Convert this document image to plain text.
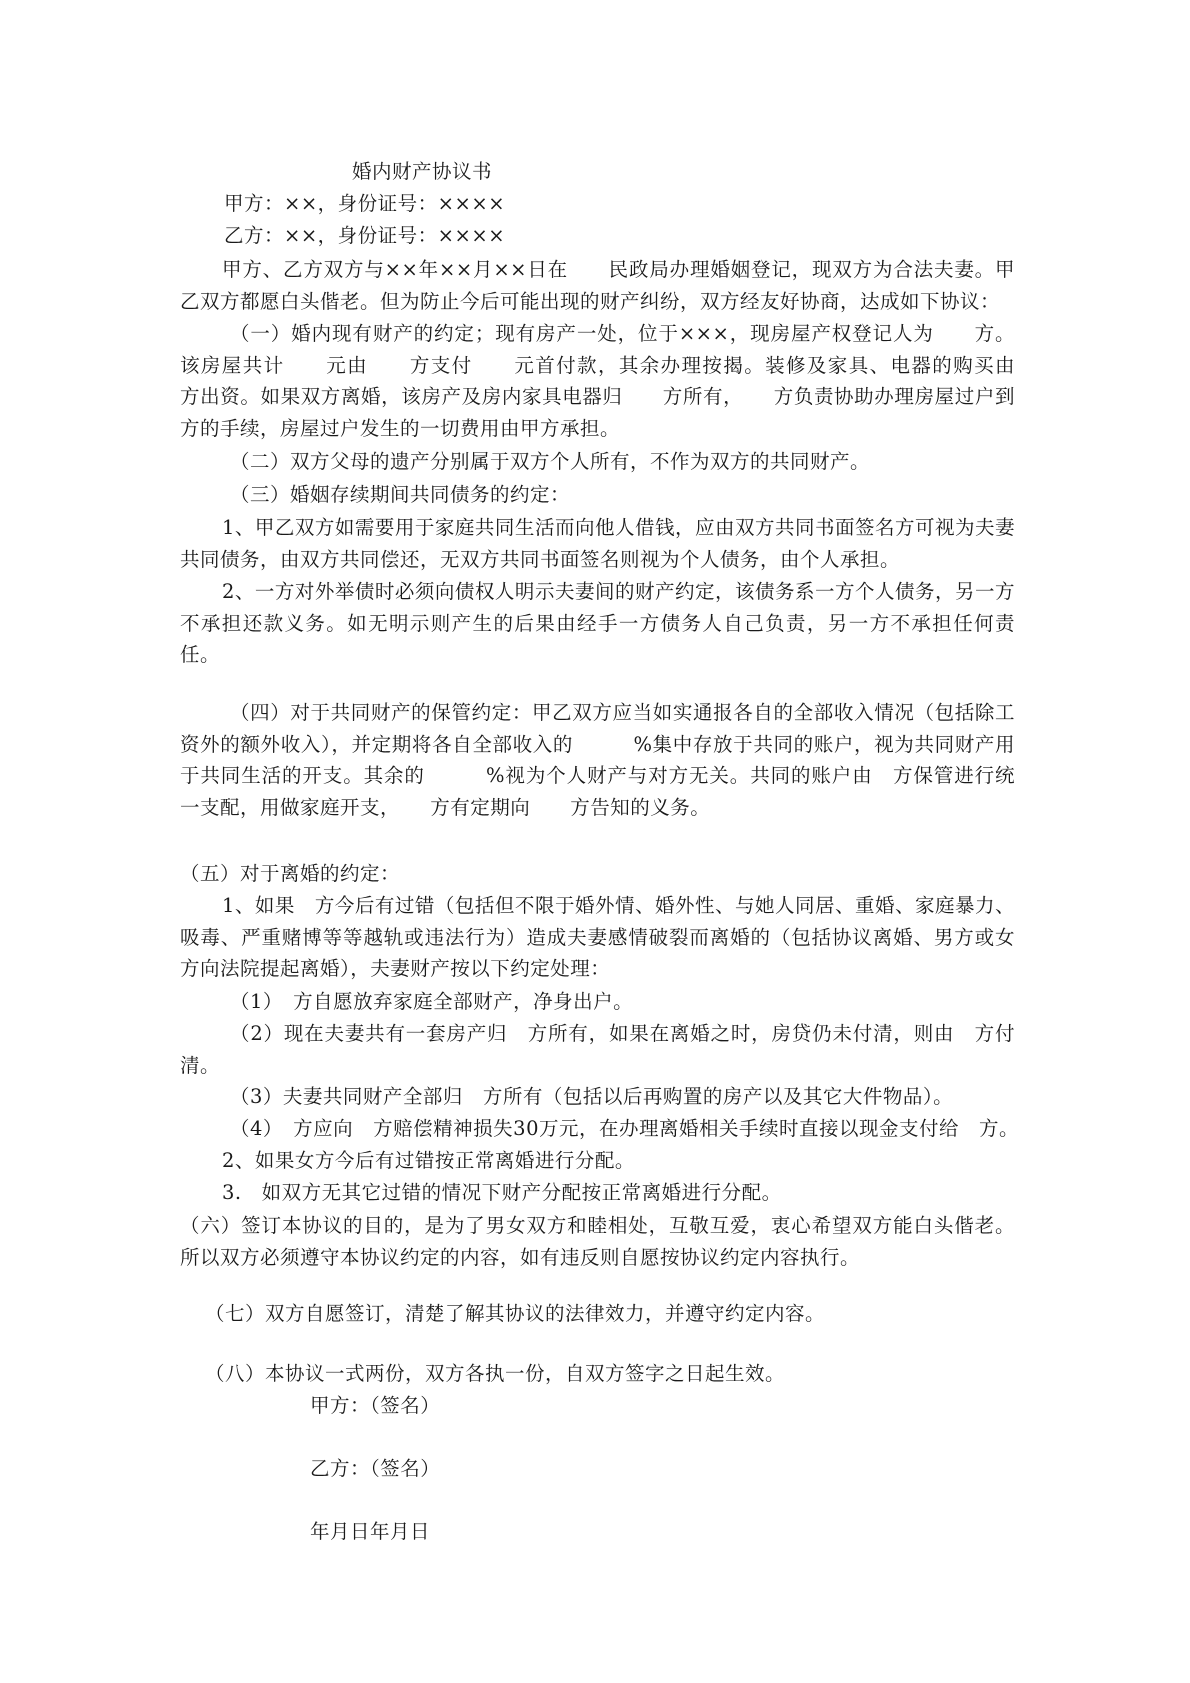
婚内财产协议书
甲方：××，身份证号：××××
乙方：××，身份证号：××××
甲方、乙方双方与××年××月××日在　　民政局办理婚姻登记，现双方为合法夫妻。甲乙双方都愿白头偕老。但为防止今后可能出现的财产纠纷，双方经友好协商，达成如下协议：
（一）婚内现有财产的约定；现有房产一处，位于×××，现房屋产权登记人为　　方。该房屋共计　　元由　　方支付　　元首付款，其余办理按揭。装修及家具、电器的购买由　方出资。如果双方离婚，该房产及房内家具电器归　　方所有，　　方负责协助办理房屋过户到　　方的手续，房屋过户发生的一切费用由甲方承担。
（二）双方父母的遗产分别属于双方个人所有，不作为双方的共同财产。
（三）婚姻存续期间共同债务的约定：
1、甲乙双方如需要用于家庭共同生活而向他人借钱，应由双方共同书面签名方可视为夫妻共同债务，由双方共同偿还，无双方共同书面签名则视为个人债务，由个人承担。
2、一方对外举债时必须向债权人明示夫妻间的财产约定，该债务系一方个人债务，另一方不承担还款义务。如无明示则产生的后果由经手一方债务人自己负责，另一方不承担任何责任。
（四）对于共同财产的保管约定：甲乙双方应当如实通报各自的全部收入情况（包括除工资外的额外收入），并定期将各自全部收入的　　　%集中存放于共同的账户，视为共同财产用于共同生活的开支。其余的　　　%视为个人财产与对方无关。共同的账户由　方保管进行统一支配，用做家庭开支，　　方有定期向　　方告知的义务。
（五）对于离婚的约定：
1、如果　方今后有过错（包括但不限于婚外情、婚外性、与她人同居、重婚、家庭暴力、吸毒、严重赌博等等越轨或违法行为）造成夫妻感情破裂而离婚的（包括协议离婚、男方或女方向法院提起离婚），夫妻财产按以下约定处理：
（1）　方自愿放弃家庭全部财产，净身出户。
（2）现在夫妻共有一套房产归　方所有，如果在离婚之时，房贷仍未付清，则由　方付清。
（3）夫妻共同财产全部归　方所有（包括以后再购置的房产以及其它大件物品）。
（4）　方应向　方赔偿精神损失30万元，在办理离婚相关手续时直接以现金支付给　方。
2、如果女方今后有过错按正常离婚进行分配。
3.　如双方无其它过错的情况下财产分配按正常离婚进行分配。
（六）签订本协议的目的，是为了男女双方和睦相处，互敬互爱，衷心希望双方能白头偕老。所以双方必须遵守本协议约定的内容，如有违反则自愿按协议约定内容执行。
（七）双方自愿签订，清楚了解其协议的法律效力，并遵守约定内容。
（八）本协议一式两份，双方各执一份，自双方签字之日起生效。
甲方：（签名）
乙方：（签名）
年月日年月日
